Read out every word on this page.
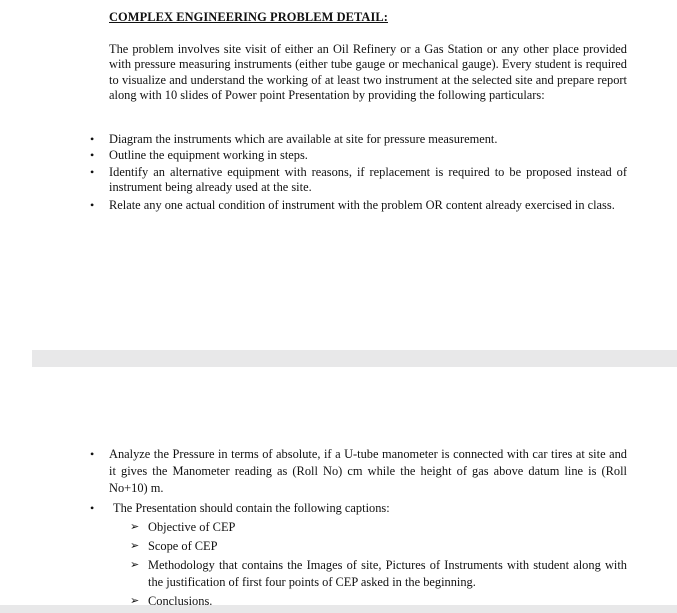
COMPLEX ENGINEERING PROBLEM DETAIL:
The problem involves site visit of either an Oil Refinery or a Gas Station or any other place provided with pressure measuring instruments (either tube gauge or mechanical gauge). Every student is required to visualize and understand the working of at least two instrument at the selected site and prepare report along with 10 slides of Power point Presentation by providing the following particulars:
• Diagram the instruments which are available at site for pressure measurement.
• Outline the equipment working in steps.
• Identify an alternative equipment with reasons, if replacement is required to be proposed instead of instrument being already used at the site.
• Relate any one actual condition of instrument with the problem OR content already exercised in class.
• Analyze the Pressure in terms of absolute, if a U-tube manometer is connected with car tires at site and it gives the Manometer reading as (Roll No) cm while the height of gas above datum line is (Roll No+10) m.
• The Presentation should contain the following captions:
➢ Objective of CEP
➢ Scope of CEP
➢ Methodology that contains the Images of site, Pictures of Instruments with student along with the justification of first four points of CEP asked in the beginning.
➢ Conclusions.
